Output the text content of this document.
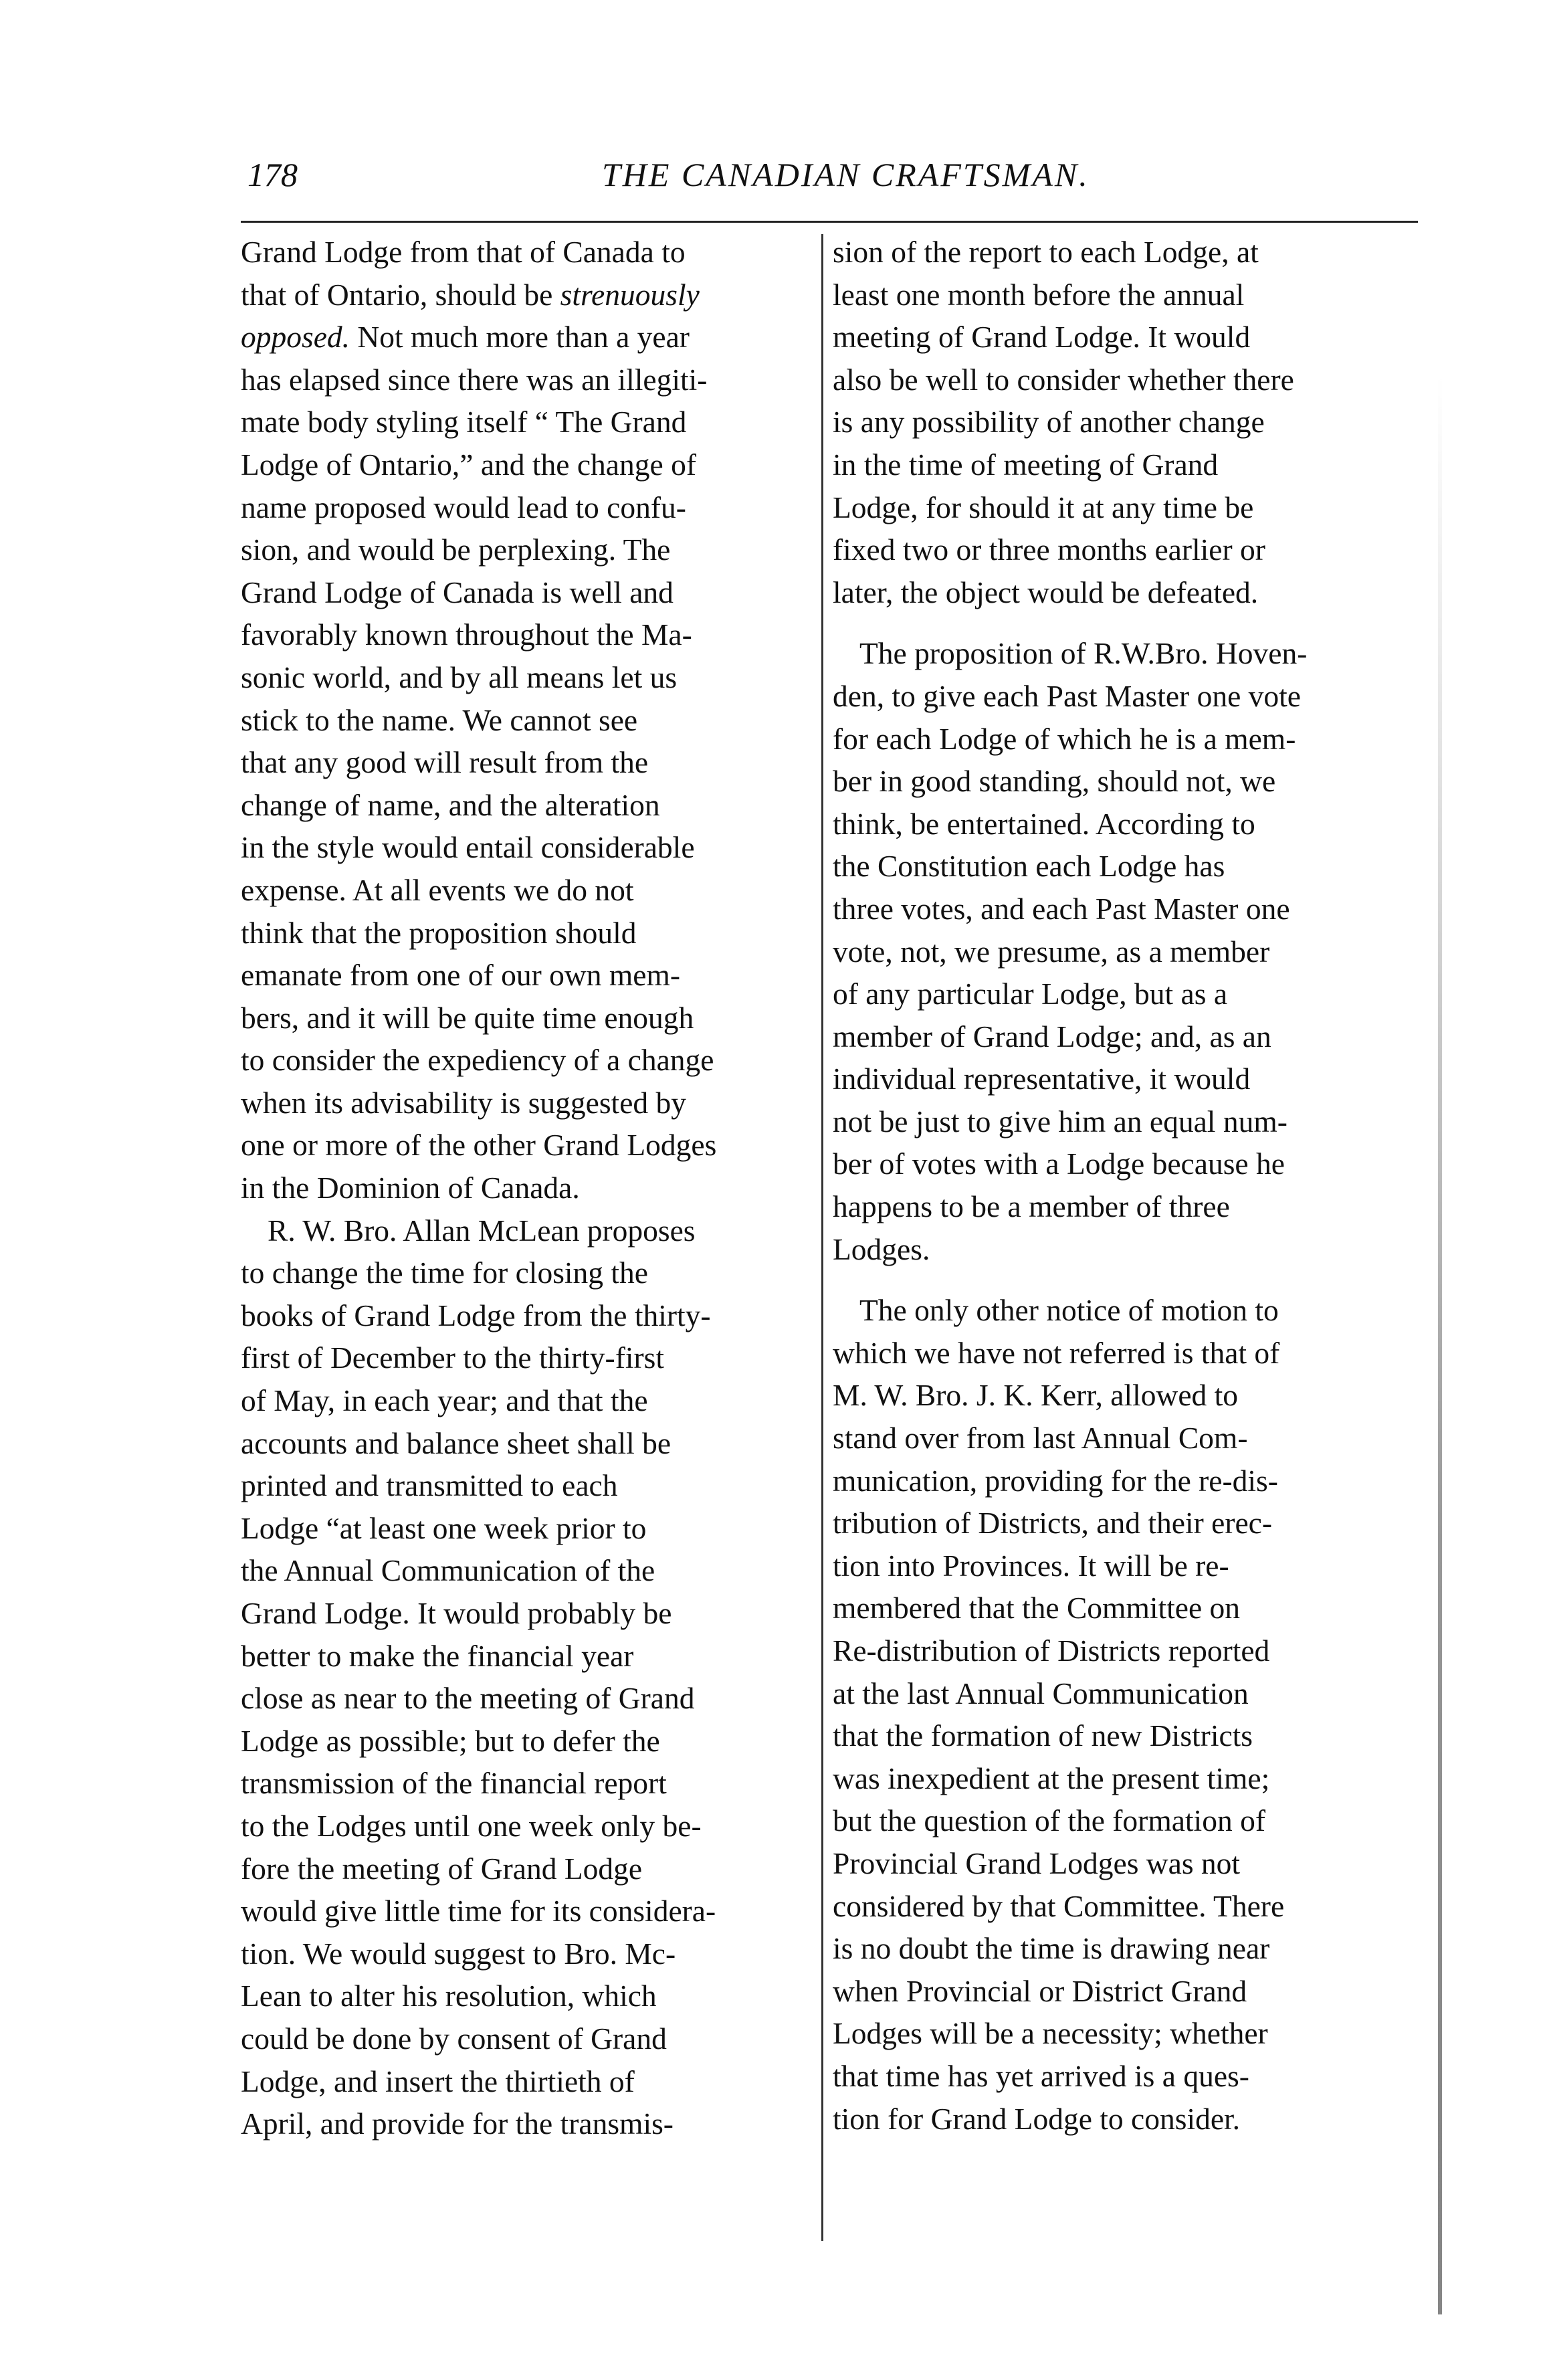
178	THE CANADIAN CRAFTSMAN.

Grand Lodge from that of Canada to
that of Ontario, should be strenuously
opposed. Not much more than a year
has elapsed since there was an illegiti-
mate body styling itself “ The Grand
Lodge of Ontario,” and the change of
name proposed would lead to confu-
sion, and would be perplexing. The
Grand Lodge of Canada is well and
favorably known throughout the Ma-
sonic world, and by all means let us
stick to the name. We cannot see
that any good will result from the
change of name, and the alteration
in the style would entail considerable
expense. At all events we do not
think that the proposition should
emanate from one of our own mem-
bers, and it will be quite time enough
to consider the expediency of a change
when its advisability is suggested by
one or more of the other Grand Lodges
in the Dominion of Canada.

R. W. Bro. Allan McLean proposes
to change the time for closing the
books of Grand Lodge from the thirty-
first of December to the thirty-first
of May, in each year; and that the
accounts and balance sheet shall be
printed and transmitted to each
Lodge “at least one week prior to
the Annual Communication of the
Grand Lodge. It would probably be
better to make the financial year
close as near to the meeting of Grand
Lodge as possible; but to defer the
transmission of the financial report
to the Lodges until one week only be-
fore the meeting of Grand Lodge
would give little time for its considera-
tion. We would suggest to Bro. Mc-
Lean to alter his resolution, which
could be done by consent of Grand
Lodge, and insert the thirtieth of
April, and provide for the transmis-

sion of the report to each Lodge, at
least one month before the annual
meeting of Grand Lodge. It would
also be well to consider whether there
is any possibility of another change
in the time of meeting of Grand
Lodge, for should it at any time be
fixed two or three months earlier or
later, the object would be defeated.

The proposition of R.W.Bro. Hoven-
den, to give each Past Master one vote
for each Lodge of which he is a mem-
ber in good standing, should not, we
think, be entertained. According to
the Constitution each Lodge has
three votes, and each Past Master one
vote, not, we presume, as a member
of any particular Lodge, but as a
member of Grand Lodge; and, as an
individual representative, it would
not be just to give him an equal num-
ber of votes with a Lodge because he
happens to be a member of three
Lodges.

The only other notice of motion to
which we have not referred is that of
M. W. Bro. J. K. Kerr, allowed to
stand over from last Annual Com-
munication, providing for the re-dis-
tribution of Districts, and their erec-
tion into Provinces. It will be re-
membered that the Committee on
Re-distribution of Districts reported
at the last Annual Communication
that the formation of new Districts
was inexpedient at the present time;
but the question of the formation of
Provincial Grand Lodges was not
considered by that Committee. There
is no doubt the time is drawing near
when Provincial or District Grand
Lodges will be a necessity; whether
that time has yet arrived is a ques-
tion for Grand Lodge to consider.
